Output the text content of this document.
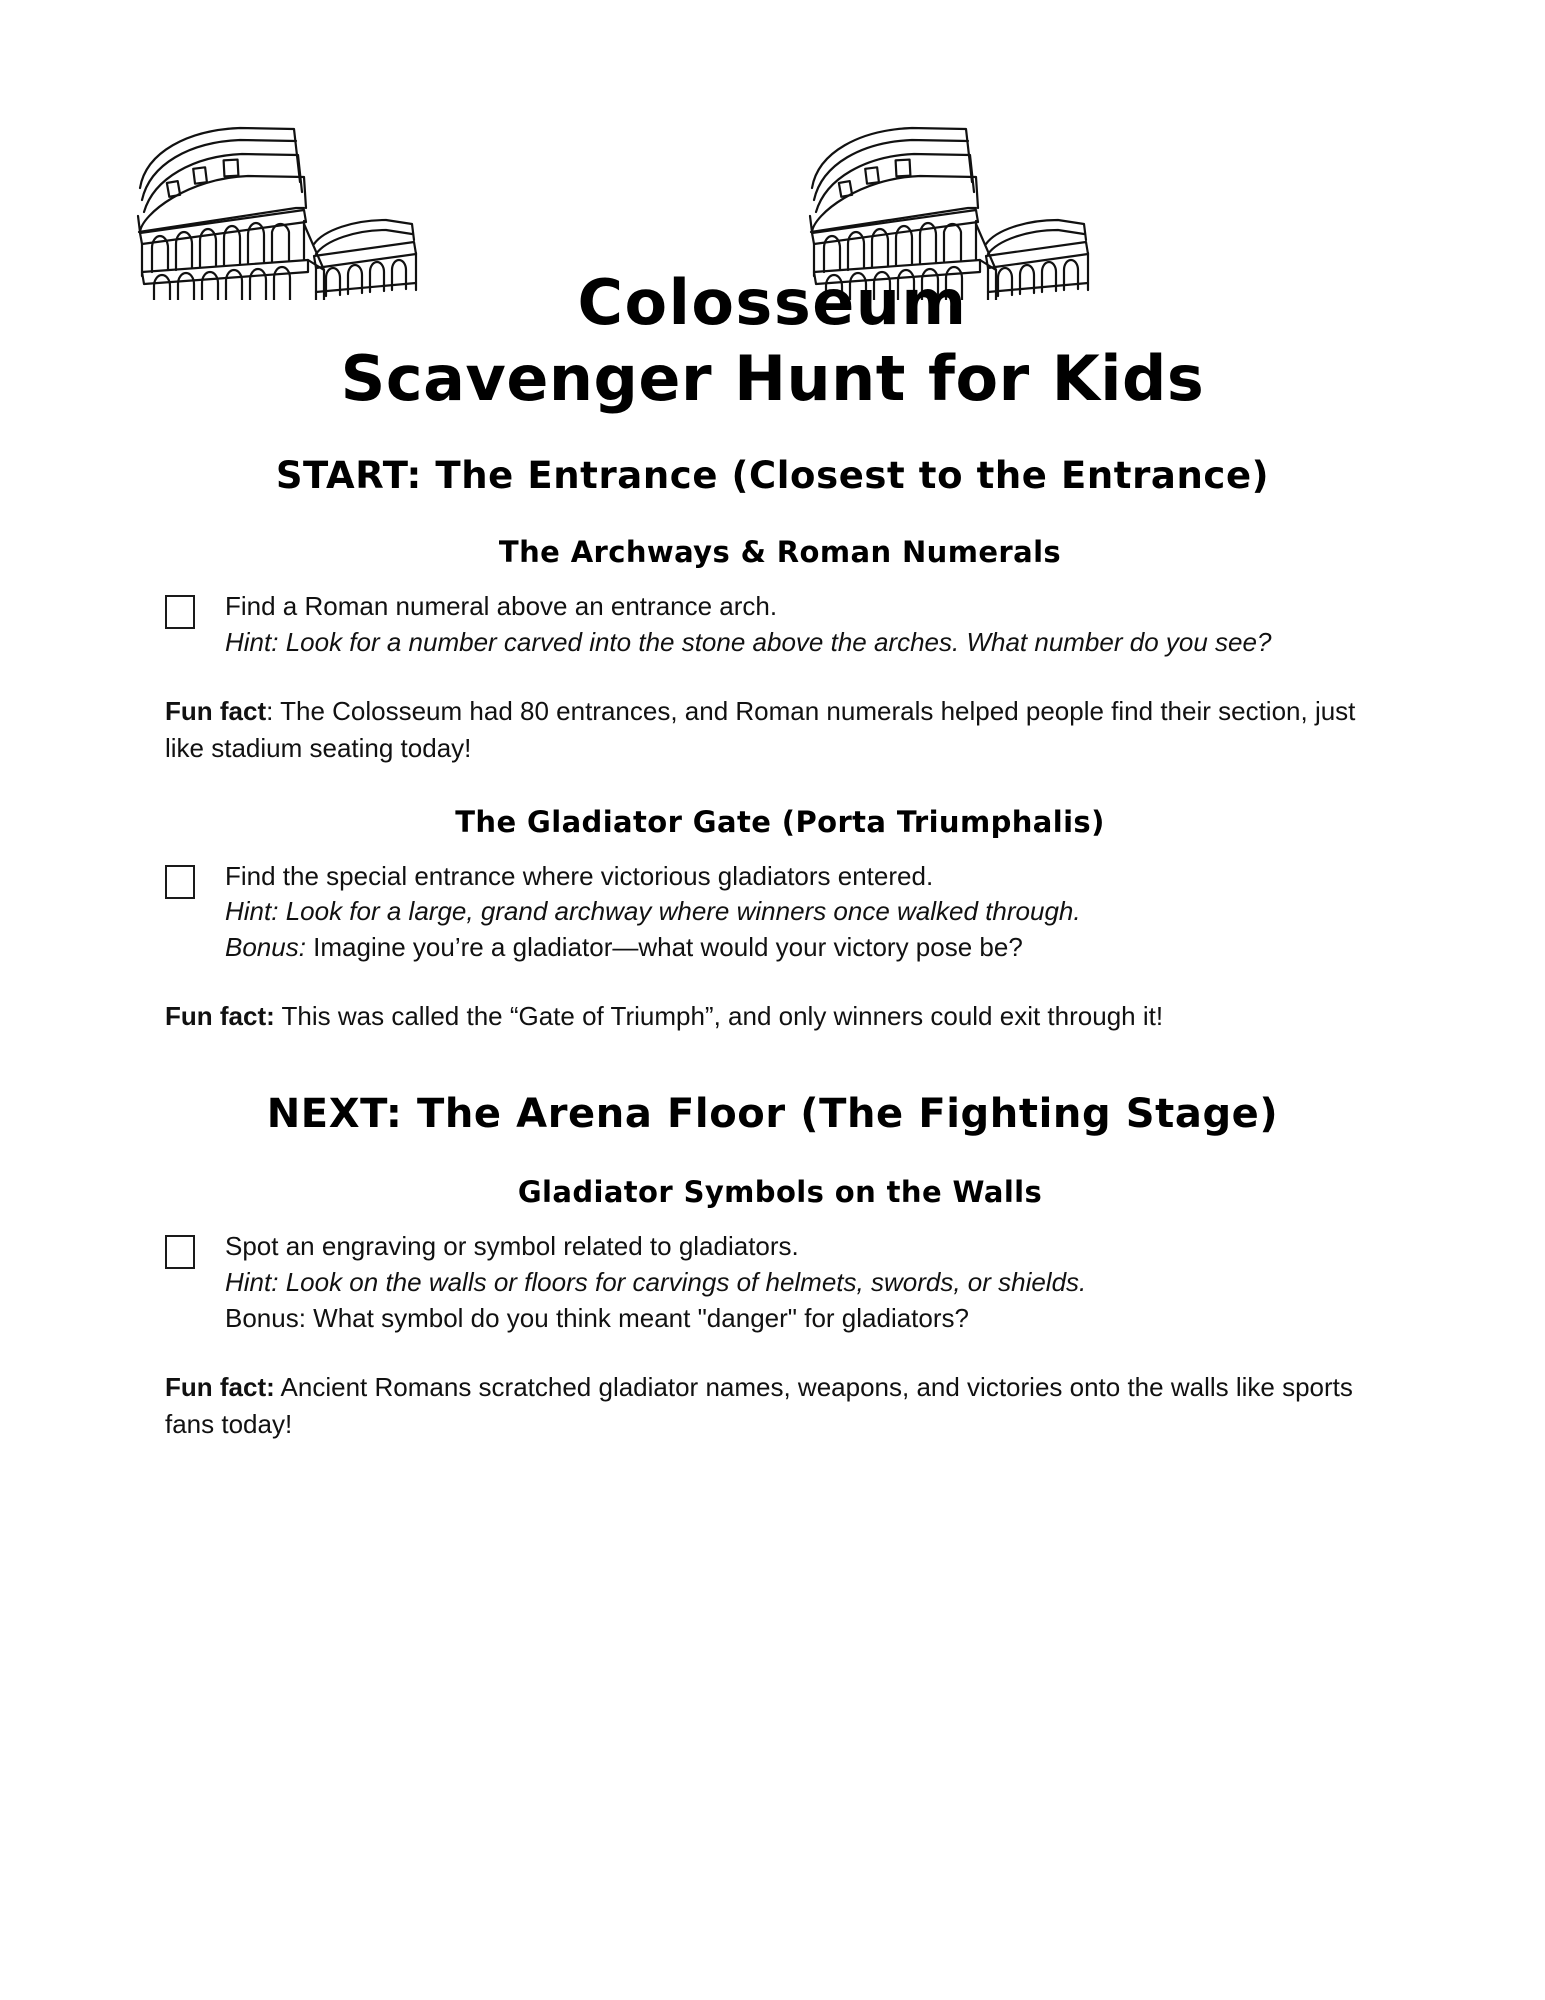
Colosseum
Scavenger Hunt for Kids
START: The Entrance (Closest to the Entrance)
The Archways & Roman Numerals
Find a Roman numeral above an entrance arch.
Hint: Look for a number carved into the stone above the arches. What number do you see?
Fun fact: The Colosseum had 80 entrances, and Roman numerals helped people find their section, just like stadium seating today!
The Gladiator Gate (Porta Triumphalis)
Find the special entrance where victorious gladiators entered.
Hint: Look for a large, grand archway where winners once walked through.
Bonus: Imagine you’re a gladiator—what would your victory pose be?
Fun fact: This was called the “Gate of Triumph”, and only winners could exit through it!
NEXT: The Arena Floor (The Fighting Stage)
Gladiator Symbols on the Walls
Spot an engraving or symbol related to gladiators.
Hint: Look on the walls or floors for carvings of helmets, swords, or shields.
Bonus: What symbol do you think meant "danger" for gladiators?
Fun fact: Ancient Romans scratched gladiator names, weapons, and victories onto the walls like sports fans today!
